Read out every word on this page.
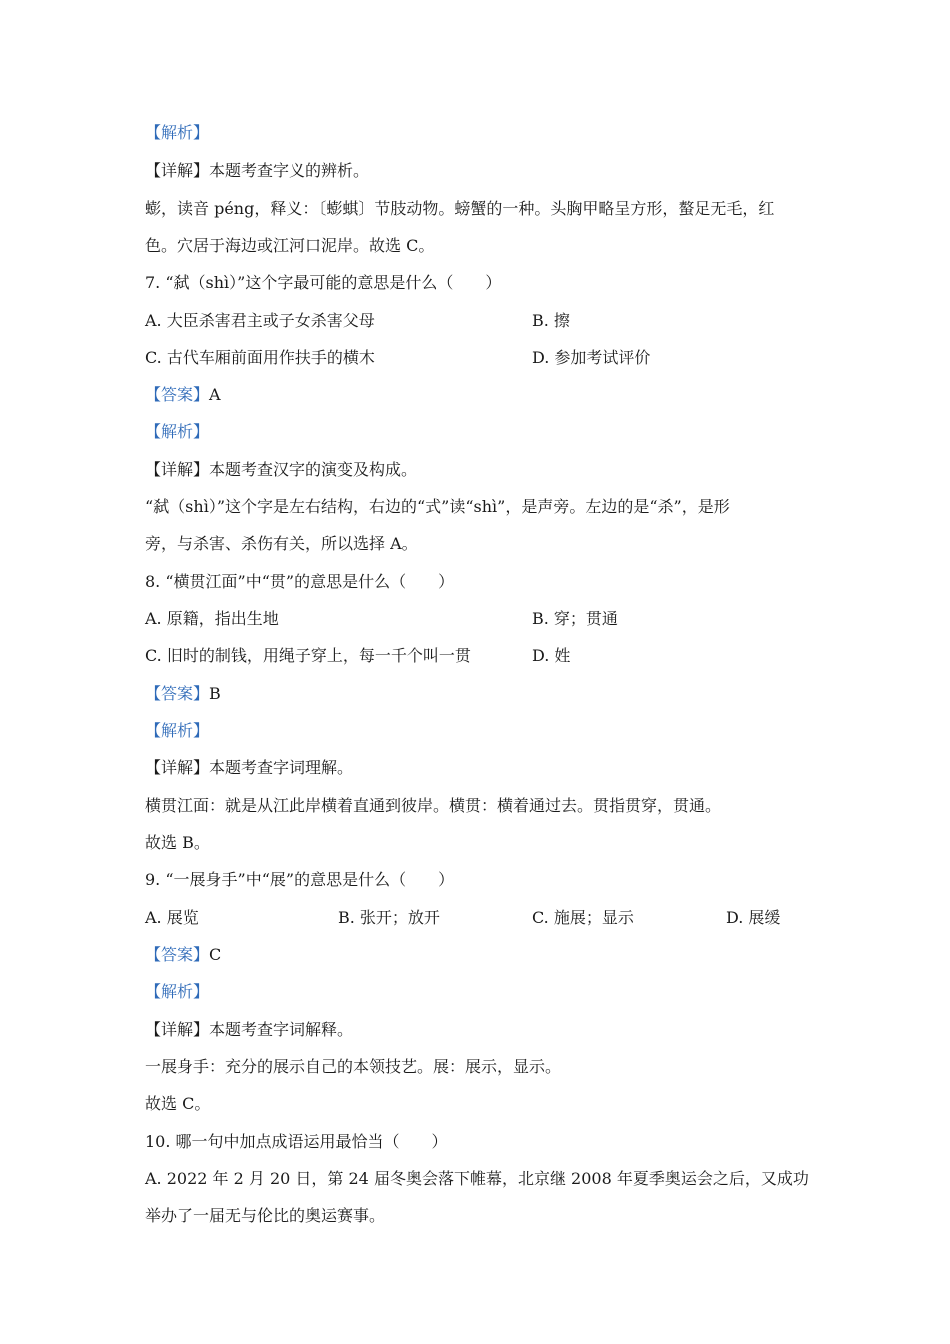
【解析】
【详解】本题考查字义的辨析。
蟛，读音 péng，释义：〔蟛蜞〕节肢动物。螃蟹的一种。头胸甲略呈方形，螯足无毛，红
色。穴居于海边或江河口泥岸。故选 C。
7. “弑（shì）”这个字最可能的意思是什么（　　）
A. 大臣杀害君主或子女杀害父母	B. 擦
C. 古代车厢前面用作扶手的横木	D. 参加考试评价
【答案】A
【解析】
【详解】本题考查汉字的演变及构成。
“弑（shì）”这个字是左右结构，右边的“式”读“shì”，是声旁。左边的是“杀”，是形
旁，与杀害、杀伤有关，所以选择 A。
8. “横贯江面”中“贯”的意思是什么（　　）
A. 原籍，指出生地	B. 穿；贯通
C. 旧时的制钱，用绳子穿上，每一千个叫一贯	D. 姓
【答案】B
【解析】
【详解】本题考查字词理解。
横贯江面：就是从江此岸横着直通到彼岸。横贯：横着通过去。贯指贯穿，贯通。
故选 B。
9. “一展身手”中“展”的意思是什么（　　）
A. 展览	B. 张开；放开	C. 施展；显示	D. 展缓
【答案】C
【解析】
【详解】本题考查字词解释。
一展身手：充分的展示自己的本领技艺。展：展示，显示。
故选 C。
10. 哪一句中加点成语运用最恰当（　　）
A. 2022 年 2 月 20 日，第 24 届冬奥会落下帷幕，北京继 2008 年夏季奥运会之后，又成功
举办了一届无与伦比的奥运赛事。
